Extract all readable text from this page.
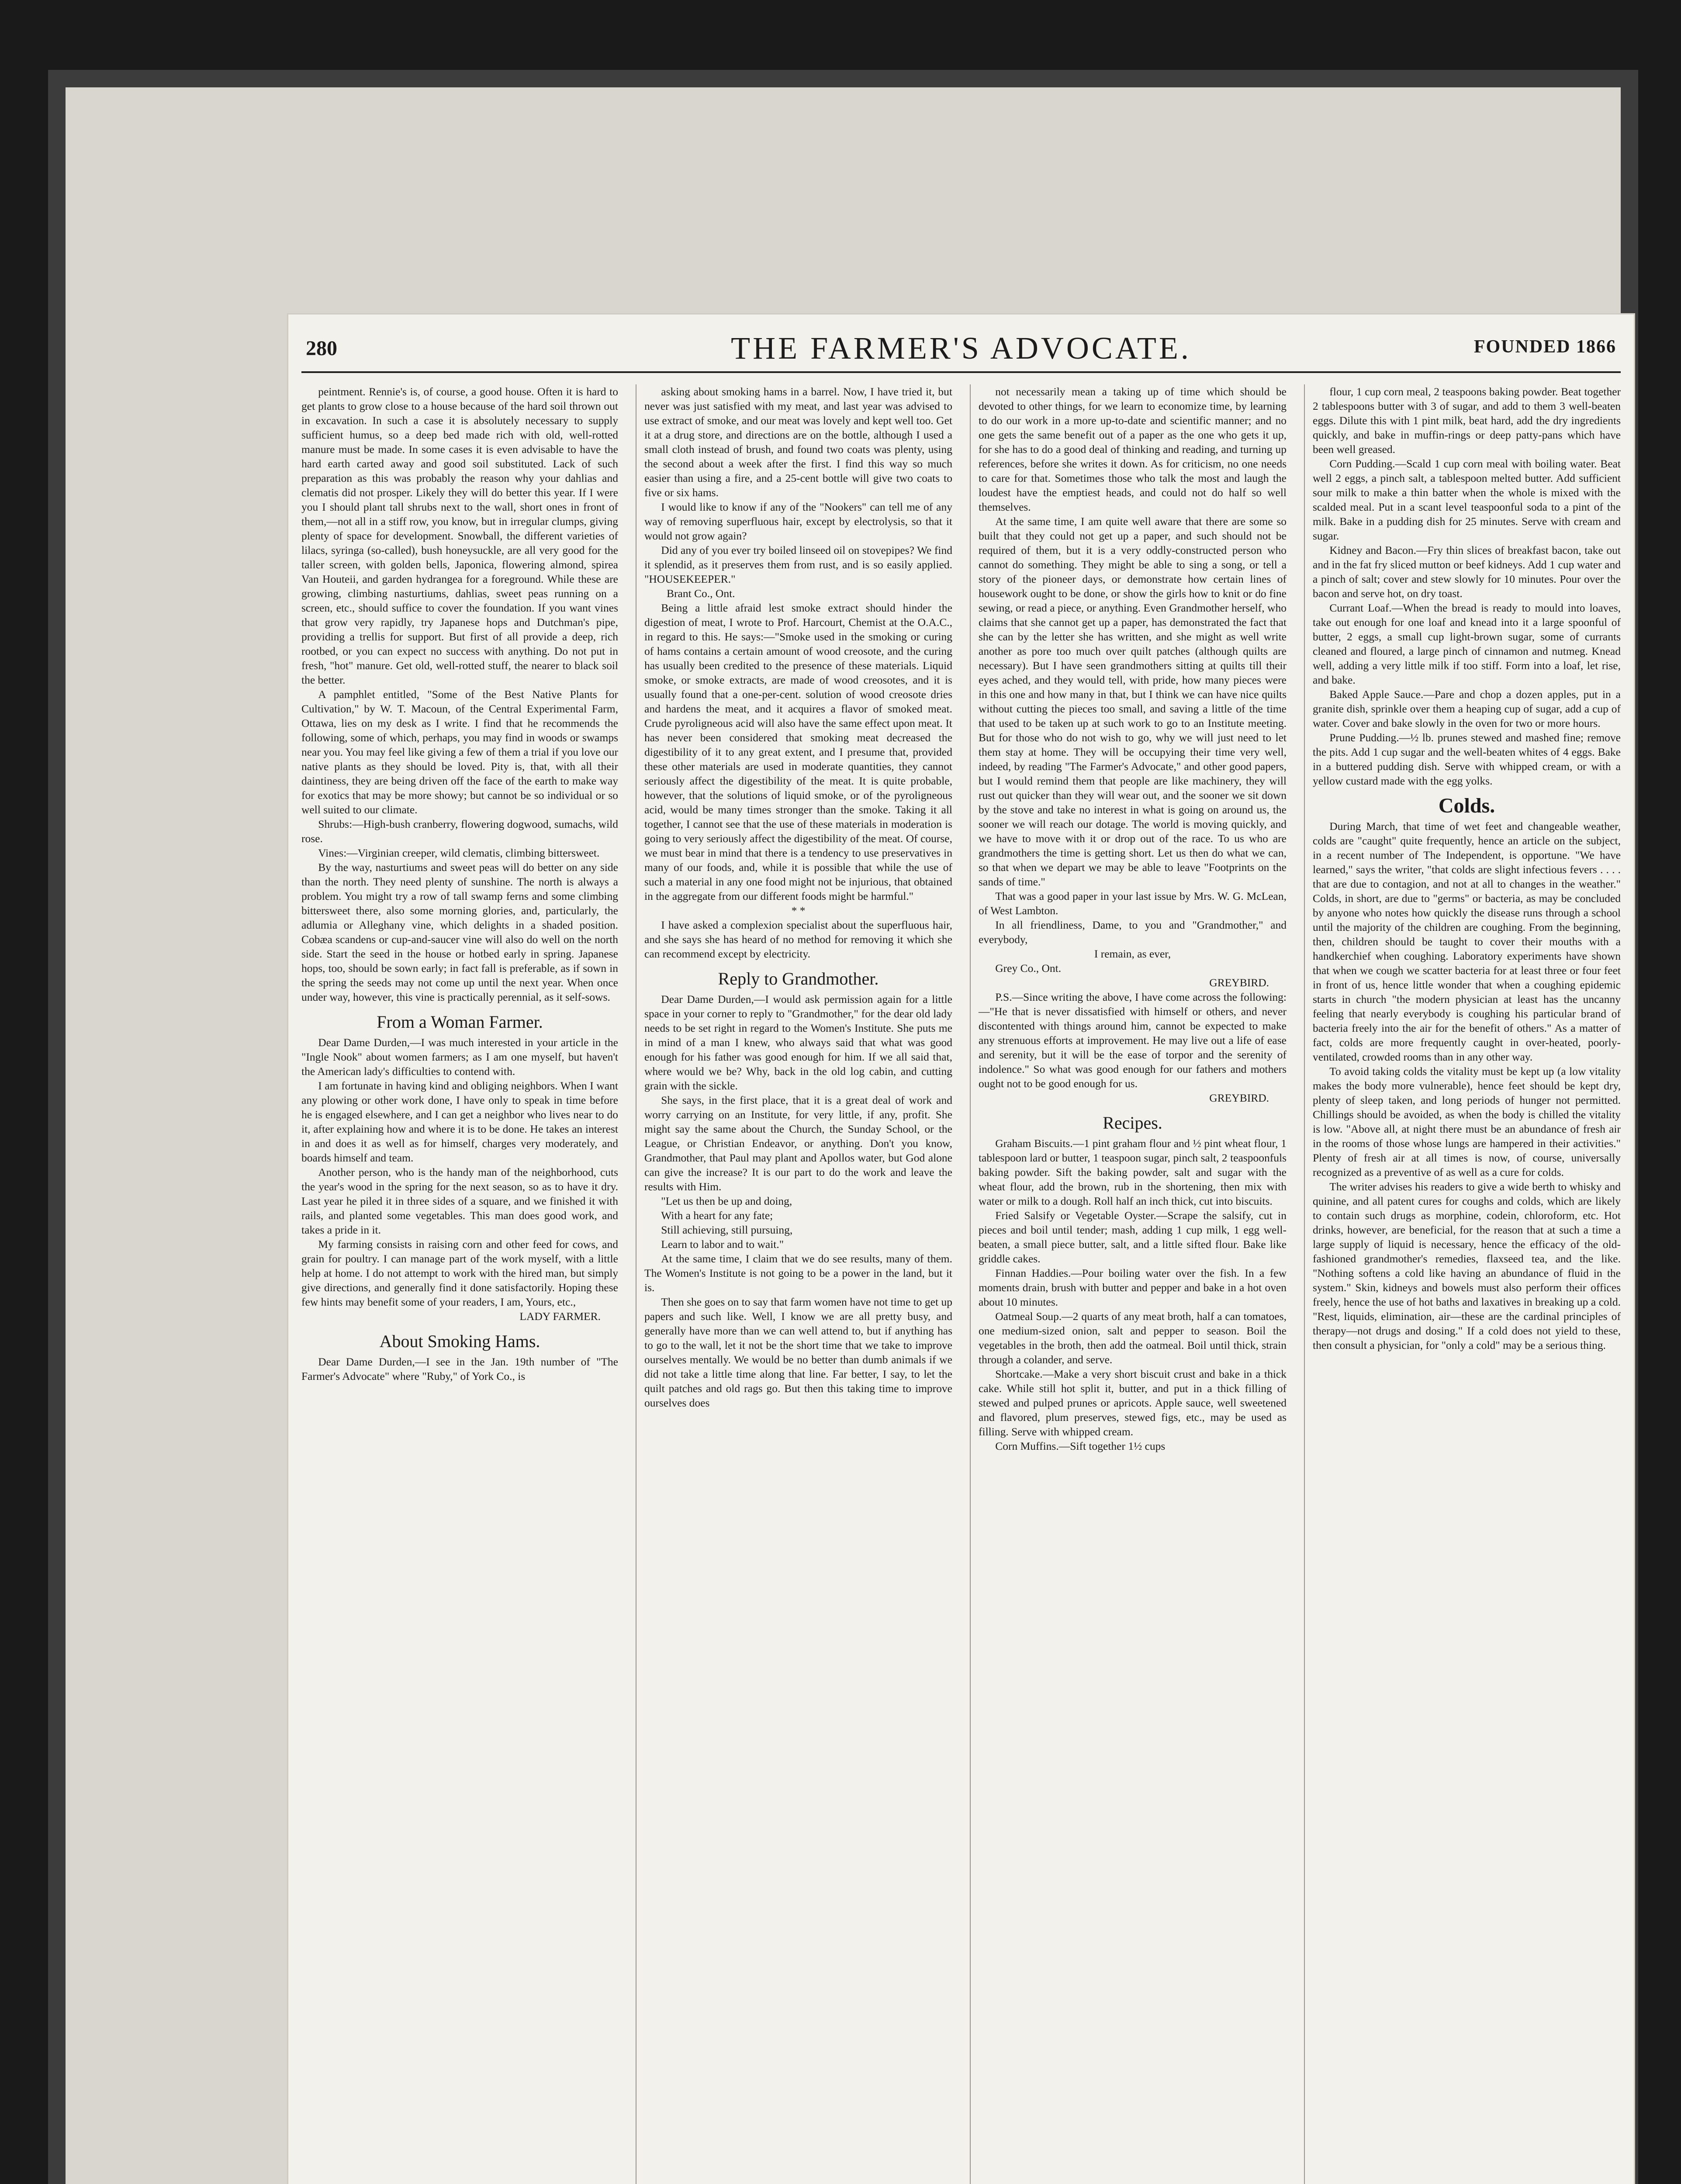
280	THE FARMER'S ADVOCATE.	FOUNDED 1866

peintment. Rennie's is, of course, a good house. Often it is hard to get plants to grow close to a house because of the hard soil thrown out in excavation. In such a case it is absolutely necessary to supply sufficient humus, so a deep bed made rich with old, well-rotted manure must be made. In some cases it is even advisable to have the hard earth carted away and good soil substituted. Lack of such preparation as this was probably the reason why your dahlias and clematis did not prosper. Likely they will do better this year. If I were you I should plant tall shrubs next to the wall, short ones in front of them,—not all in a stiff row, you know, but in irregular clumps, giving plenty of space for development. Snowball, the different varieties of lilacs, syringa (so-called), bush honeysuckle, are all very good for the taller screen, with golden bells, Japonica, flowering almond, spirea Van Houteii, and garden hydrangea for a foreground. While these are growing, climbing nasturtiums, dahlias, sweet peas running on a screen, etc., should suffice to cover the foundation. If you want vines that grow very rapidly, try Japanese hops and Dutchman's pipe, providing a trellis for support. But first of all provide a deep, rich rootbed, or you can expect no success with anything. Do not put in fresh, "hot" manure. Get old, well-rotted stuff, the nearer to black soil the better.

A pamphlet entitled, "Some of the Best Native Plants for Cultivation," by W. T. Macoun, of the Central Experimental Farm, Ottawa, lies on my desk as I write. I find that he recommends the following, some of which, perhaps, you may find in woods or swamps near you. You may feel like giving a few of them a trial if you love our native plants as they should be loved. Pity is, that, with all their daintiness, they are being driven off the face of the earth to make way for exotics that may be more showy; but cannot be so individual or so well suited to our climate.

Shrubs:—High-bush cranberry, flowering dogwood, sumachs, wild rose.

Vines:—Virginian creeper, wild clematis, climbing bittersweet.

By the way, nasturtiums and sweet peas will do better on any side than the north. They need plenty of sunshine. The north is always a problem. You might try a row of tall swamp ferns and some climbing bittersweet there, also some morning glories, and, particularly, the adlumia or Alleghany vine, which delights in a shaded position. Cobæa scandens or cup-and-saucer vine will also do well on the north side. Start the seed in the house or hotbed early in spring. Japanese hops, too, should be sown early; in fact fall is preferable, as if sown in the spring the seeds may not come up until the next year. When once under way, however, this vine is practically perennial, as it self-sows.

From a Woman Farmer.

Dear Dame Durden,—I was much interested in your article in the "Ingle Nook" about women farmers; as I am one myself, but haven't the American lady's difficulties to contend with.

I am fortunate in having kind and obliging neighbors. When I want any plowing or other work done, I have only to speak in time before he is engaged elsewhere, and I can get a neighbor who lives near to do it, after explaining how and where it is to be done. He takes an interest in and does it as well as for himself, charges very moderately, and boards himself and team.

Another person, who is the handy man of the neighborhood, cuts the year's wood in the spring for the next season, so as to have it dry. Last year he piled it in three sides of a square, and we finished it with rails, and planted some vegetables. This man does good work, and takes a pride in it.

My farming consists in raising corn and other feed for cows, and grain for poultry. I can manage part of the work myself, with a little help at home. I do not attempt to work with the hired man, but simply give directions, and generally find it done satisfactorily. Hoping these few hints may benefit some of your readers, I am, Yours, etc.,

LADY FARMER.

About Smoking Hams.

Dear Dame Durden,—I see in the Jan. 19th number of "The Farmer's Advocate" where "Ruby," of York Co., is

asking about smoking hams in a barrel. Now, I have tried it, but never was just satisfied with my meat, and last year was advised to use extract of smoke, and our meat was lovely and kept well too. Get it at a drug store, and directions are on the bottle, although I used a small cloth instead of brush, and found two coats was plenty, using the second about a week after the first. I find this way so much easier than using a fire, and a 25-cent bottle will give two coats to five or six hams.

I would like to know if any of the "Nookers" can tell me of any way of removing superfluous hair, except by electrolysis, so that it would not grow again?

Did any of you ever try boiled linseed oil on stovepipes? We find it splendid, as it preserves them from rust, and is so easily applied. "HOUSEKEEPER."

Brant Co., Ont.

Being a little afraid lest smoke extract should hinder the digestion of meat, I wrote to Prof. Harcourt, Chemist at the O.A.C., in regard to this. He says:—"Smoke used in the smoking or curing of hams contains a certain amount of wood creosote, and the curing has usually been credited to the presence of these materials. Liquid smoke, or smoke extracts, are made of wood creosotes, and it is usually found that a one-per-cent. solution of wood creosote dries and hardens the meat, and it acquires a flavor of smoked meat. Crude pyroligneous acid will also have the same effect upon meat. It has never been considered that smoking meat decreased the digestibility of it to any great extent, and I presume that, provided these other materials are used in moderate quantities, they cannot seriously affect the digestibility of the meat. It is quite probable, however, that the solutions of liquid smoke, or of the pyroligneous acid, would be many times stronger than the smoke. Taking it all together, I cannot see that the use of these materials in moderation is going to very seriously affect the digestibility of the meat. Of course, we must bear in mind that there is a tendency to use preservatives in many of our foods, and, while it is possible that while the use of such a material in any one food might not be injurious, that obtained in the aggregate from our different foods might be harmful."

* *

I have asked a complexion specialist about the superfluous hair, and she says she has heard of no method for removing it which she can recommend except by electricity.

Reply to Grandmother.

Dear Dame Durden,—I would ask permission again for a little space in your corner to reply to "Grandmother," for the dear old lady needs to be set right in regard to the Women's Institute. She puts me in mind of a man I knew, who always said that what was good enough for his father was good enough for him. If we all said that, where would we be? Why, back in the old log cabin, and cutting grain with the sickle.

She says, in the first place, that it is a great deal of work and worry carrying on an Institute, for very little, if any, profit. She might say the same about the Church, the Sunday School, or the League, or Christian Endeavor, or anything. Don't you know, Grandmother, that Paul may plant and Apollos water, but God alone can give the increase? It is our part to do the work and leave the results with Him.

"Let us then be up and doing,
With a heart for any fate;
Still achieving, still pursuing,
Learn to labor and to wait."

At the same time, I claim that we do see results, many of them. The Women's Institute is not going to be a power in the land, but it is.

Then she goes on to say that farm women have not time to get up papers and such like. Well, I know we are all pretty busy, and generally have more than we can well attend to, but if anything has to go to the wall, let it not be the short time that we take to improve ourselves mentally. We would be no better than dumb animals if we did not take a little time along that line. Far better, I say, to let the quilt patches and old rags go. But then this taking time to improve ourselves does

not necessarily mean a taking up of time which should be devoted to other things, for we learn to economize time, by learning to do our work in a more up-to-date and scientific manner; and no one gets the same benefit out of a paper as the one who gets it up, for she has to do a good deal of thinking and reading, and turning up references, before she writes it down. As for criticism, no one needs to care for that. Sometimes those who talk the most and laugh the loudest have the emptiest heads, and could not do half so well themselves.

At the same time, I am quite well aware that there are some so built that they could not get up a paper, and such should not be required of them, but it is a very oddly-constructed person who cannot do something. They might be able to sing a song, or tell a story of the pioneer days, or demonstrate how certain lines of housework ought to be done, or show the girls how to knit or do fine sewing, or read a piece, or anything. Even Grandmother herself, who claims that she cannot get up a paper, has demonstrated the fact that she can by the letter she has written, and she might as well write another as pore too much over quilt patches (although quilts are necessary). But I have seen grandmothers sitting at quilts till their eyes ached, and they would tell, with pride, how many pieces were in this one and how many in that, but I think we can have nice quilts without cutting the pieces too small, and saving a little of the time that used to be taken up at such work to go to an Institute meeting. But for those who do not wish to go, why we will just need to let them stay at home. They will be occupying their time very well, indeed, by reading "The Farmer's Advocate," and other good papers, but I would remind them that people are like machinery, they will rust out quicker than they will wear out, and the sooner we sit down by the stove and take no interest in what is going on around us, the sooner we will reach our dotage. The world is moving quickly, and we have to move with it or drop out of the race. To us who are grandmothers the time is getting short. Let us then do what we can, so that when we depart we may be able to leave "Footprints on the sands of time."

That was a good paper in your last issue by Mrs. W. G. McLean, of West Lambton.

In all friendliness, Dame, to you and "Grandmother," and everybody,

I remain, as ever,

Grey Co., Ont.

GREYBIRD.

P.S.—Since writing the above, I have come across the following:—"He that is never dissatisfied with himself or others, and never discontented with things around him, cannot be expected to make any strenuous efforts at improvement. He may live out a life of ease and serenity, but it will be the ease of torpor and the serenity of indolence." So what was good enough for our fathers and mothers ought not to be good enough for us.

GREYBIRD.

Recipes.

Graham Biscuits.—1 pint graham flour and ½ pint wheat flour, 1 tablespoon lard or butter, 1 teaspoon sugar, pinch salt, 2 teaspoonfuls baking powder. Sift the baking powder, salt and sugar with the wheat flour, add the brown, rub in the shortening, then mix with water or milk to a dough. Roll half an inch thick, cut into biscuits.

Fried Salsify or Vegetable Oyster.—Scrape the salsify, cut in pieces and boil until tender; mash, adding 1 cup milk, 1 egg well-beaten, a small piece butter, salt, and a little sifted flour. Bake like griddle cakes.

Finnan Haddies.—Pour boiling water over the fish. In a few moments drain, brush with butter and pepper and bake in a hot oven about 10 minutes.

Oatmeal Soup.—2 quarts of any meat broth, half a can tomatoes, one medium-sized onion, salt and pepper to season. Boil the vegetables in the broth, then add the oatmeal. Boil until thick, strain through a colander, and serve.

Shortcake.—Make a very short biscuit crust and bake in a thick cake. While still hot split it, butter, and put in a thick filling of stewed and pulped prunes or apricots. Apple sauce, well sweetened and flavored, plum preserves, stewed figs, etc., may be used as filling. Serve with whipped cream.

Corn Muffins.—Sift together 1½ cups

flour, 1 cup corn meal, 2 teaspoons baking powder. Beat together 2 tablespoons butter with 3 of sugar, and add to them 3 well-beaten eggs. Dilute this with 1 pint milk, beat hard, add the dry ingredients quickly, and bake in muffin-rings or deep patty-pans which have been well greased.

Corn Pudding.—Scald 1 cup corn meal with boiling water. Beat well 2 eggs, a pinch salt, a tablespoon melted butter. Add sufficient sour milk to make a thin batter when the whole is mixed with the scalded meal. Put in a scant level teaspoonful soda to a pint of the milk. Bake in a pudding dish for 25 minutes. Serve with cream and sugar.

Kidney and Bacon.—Fry thin slices of breakfast bacon, take out and in the fat fry sliced mutton or beef kidneys. Add 1 cup water and a pinch of salt; cover and stew slowly for 10 minutes. Pour over the bacon and serve hot, on dry toast.

Currant Loaf.—When the bread is ready to mould into loaves, take out enough for one loaf and knead into it a large spoonful of butter, 2 eggs, a small cup light-brown sugar, some of currants cleaned and floured, a large pinch of cinnamon and nutmeg. Knead well, adding a very little milk if too stiff. Form into a loaf, let rise, and bake.

Baked Apple Sauce.—Pare and chop a dozen apples, put in a granite dish, sprinkle over them a heaping cup of sugar, add a cup of water. Cover and bake slowly in the oven for two or more hours.

Prune Pudding.—½ lb. prunes stewed and mashed fine; remove the pits. Add 1 cup sugar and the well-beaten whites of 4 eggs. Bake in a buttered pudding dish. Serve with whipped cream, or with a yellow custard made with the egg yolks.

Colds.

During March, that time of wet feet and changeable weather, colds are "caught" quite frequently, hence an article on the subject, in a recent number of The Independent, is opportune. "We have learned," says the writer, "that colds are slight infectious fevers . . . . that are due to contagion, and not at all to changes in the weather." Colds, in short, are due to "germs" or bacteria, as may be concluded by anyone who notes how quickly the disease runs through a school until the majority of the children are coughing. From the beginning, then, children should be taught to cover their mouths with a handkerchief when coughing. Laboratory experiments have shown that when we cough we scatter bacteria for at least three or four feet in front of us, hence little wonder that when a coughing epidemic starts in church "the modern physician at least has the uncanny feeling that nearly everybody is coughing his particular brand of bacteria freely into the air for the benefit of others." As a matter of fact, colds are more frequently caught in over-heated, poorly-ventilated, crowded rooms than in any other way.

To avoid taking colds the vitality must be kept up (a low vitality makes the body more vulnerable), hence feet should be kept dry, plenty of sleep taken, and long periods of hunger not permitted. Chillings should be avoided, as when the body is chilled the vitality is low. "Above all, at night there must be an abundance of fresh air in the rooms of those whose lungs are hampered in their activities." Plenty of fresh air at all times is now, of course, universally recognized as a preventive of as well as a cure for colds.

The writer advises his readers to give a wide berth to whisky and quinine, and all patent cures for coughs and colds, which are likely to contain such drugs as morphine, codein, chloroform, etc. Hot drinks, however, are beneficial, for the reason that at such a time a large supply of liquid is necessary, hence the efficacy of the old-fashioned grandmother's remedies, flaxseed tea, and the like. "Nothing softens a cold like having an abundance of fluid in the system." Skin, kidneys and bowels must also perform their offices freely, hence the use of hot baths and laxatives in breaking up a cold. "Rest, liquids, elimination, air—these are the cardinal principles of therapy—not drugs and dosing." If a cold does not yield to these, then consult a physician, for "only a cold" may be a serious thing.
